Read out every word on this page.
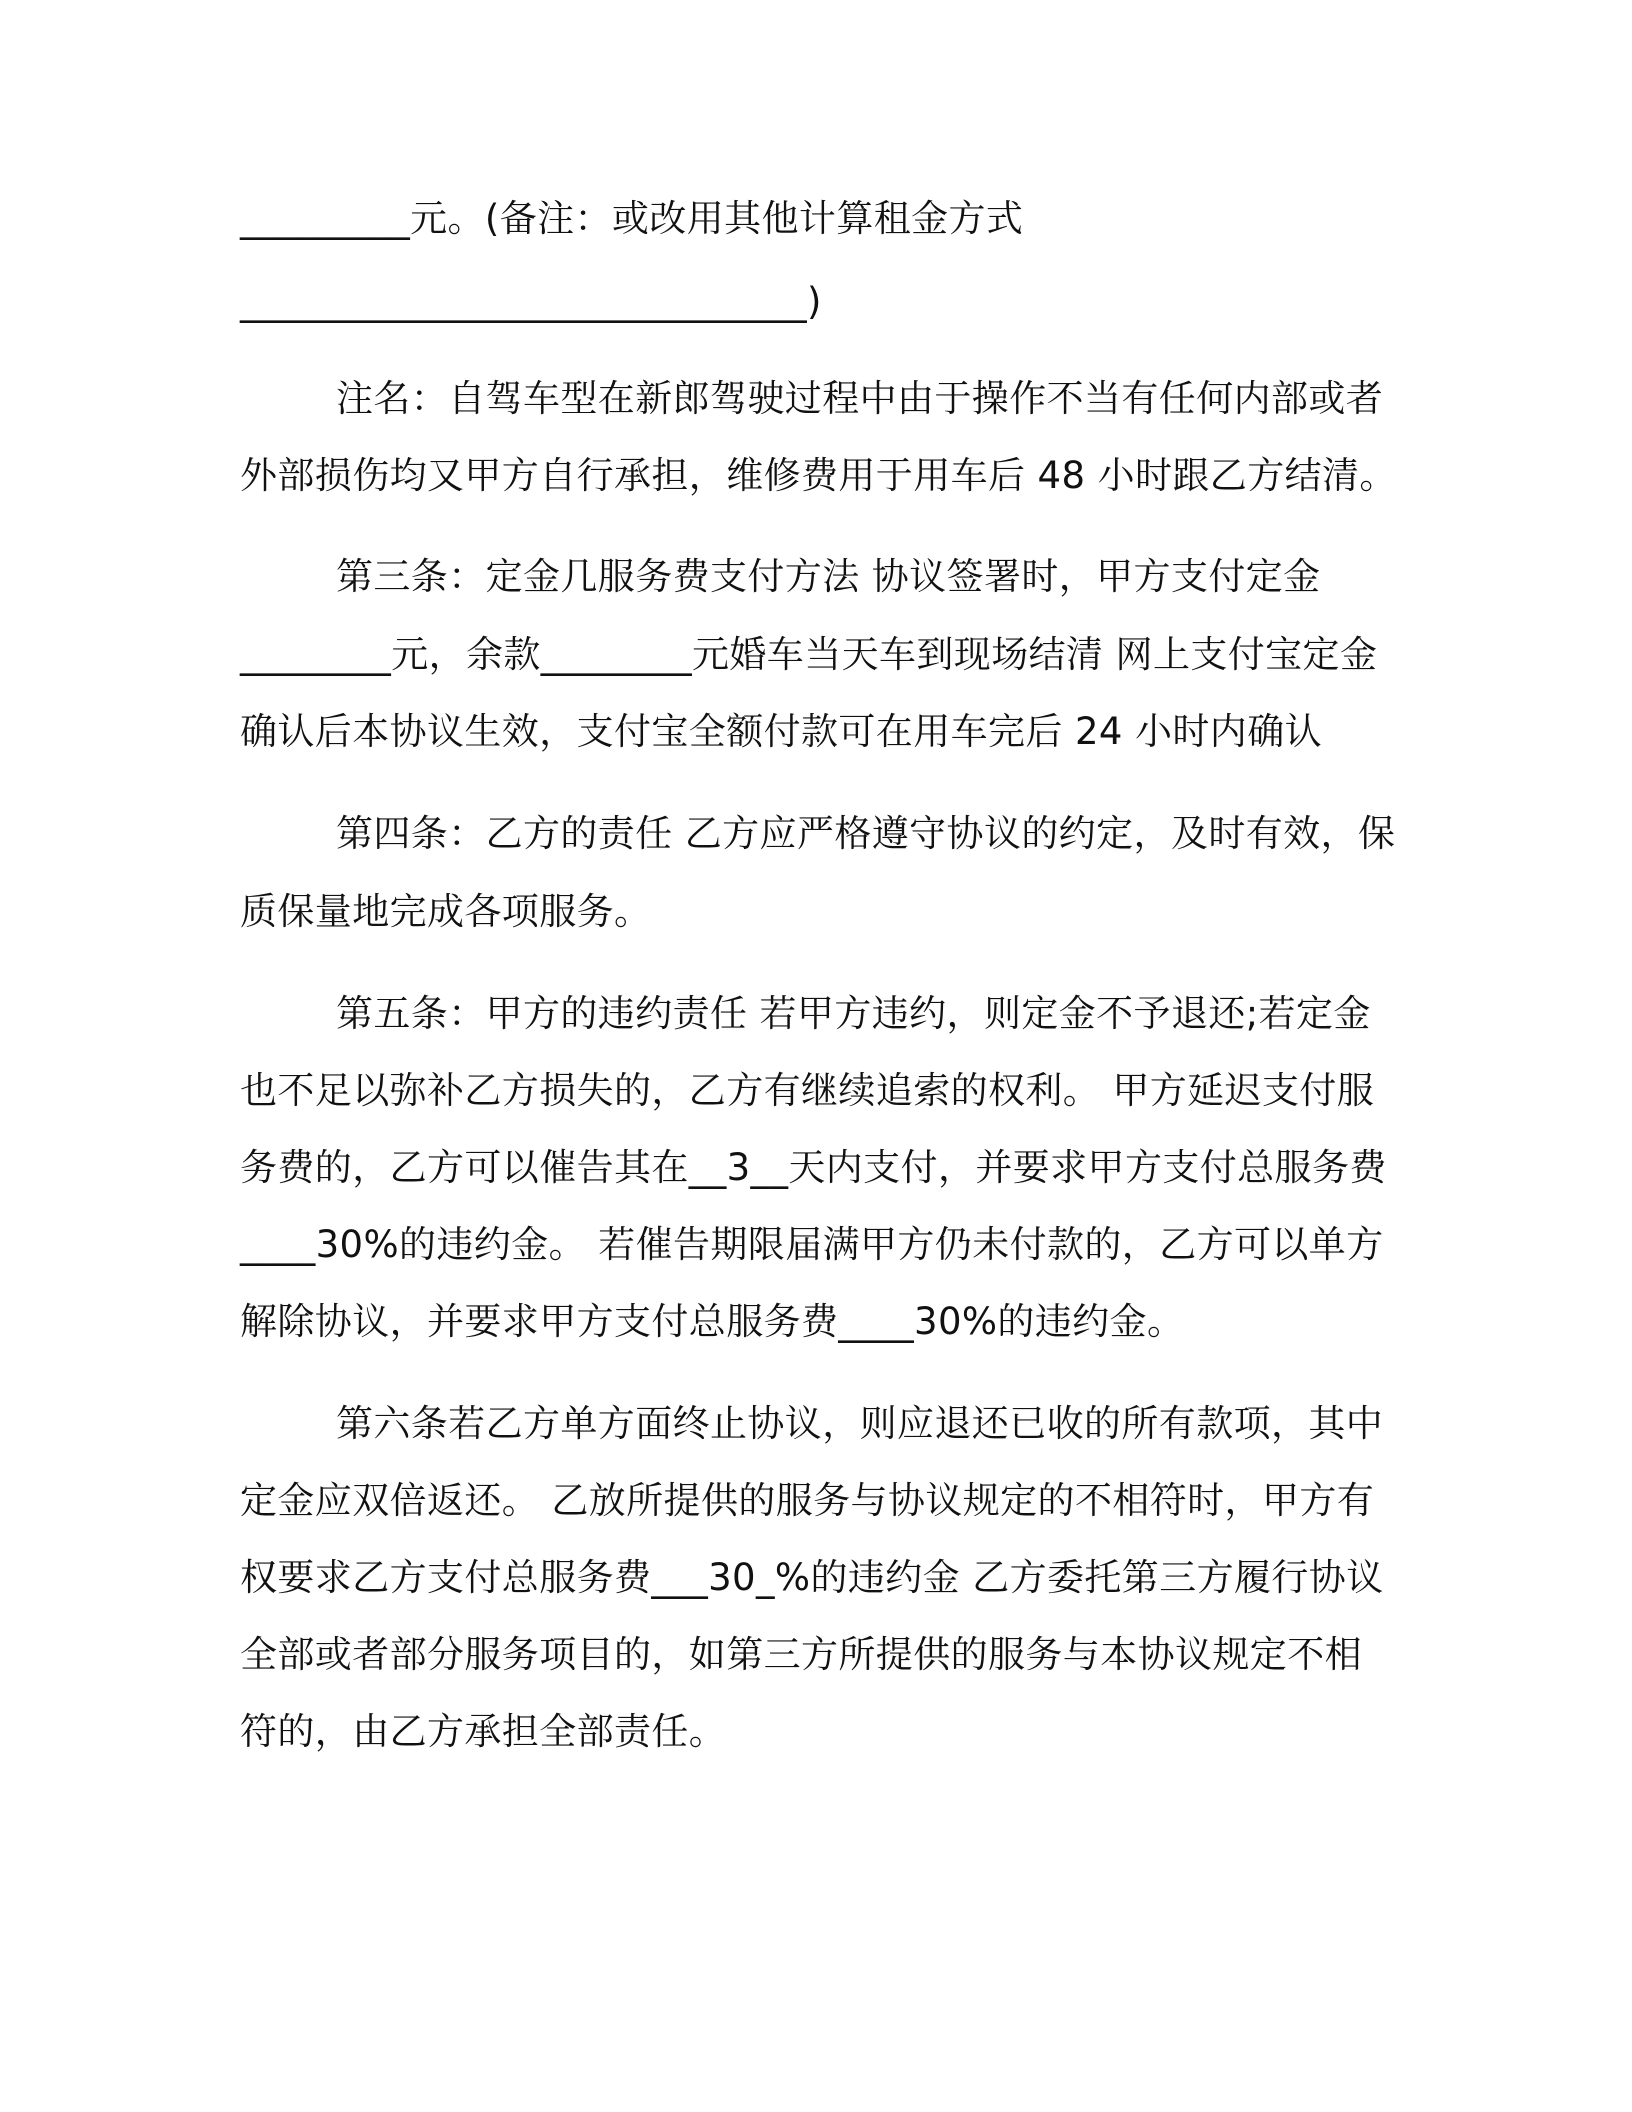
_________元。(备注：或改用其他计算租金方式
______________________________)
注名：自驾车型在新郎驾驶过程中由于操作不当有任何内部或者
外部损伤均又甲方自行承担，维修费用于用车后 48 小时跟乙方结清。
第三条：定金几服务费支付方法 协议签署时，甲方支付定金
________元，余款________元婚车当天车到现场结清 网上支付宝定金
确认后本协议生效，支付宝全额付款可在用车完后 24 小时内确认
第四条：乙方的责任 乙方应严格遵守协议的约定，及时有效，保
质保量地完成各项服务。
第五条：甲方的违约责任 若甲方违约，则定金不予退还;若定金
也不足以弥补乙方损失的，乙方有继续追索的权利。 甲方延迟支付服
务费的，乙方可以催告其在__3__天内支付，并要求甲方支付总服务费
____30%的违约金。 若催告期限届满甲方仍未付款的，乙方可以单方
解除协议，并要求甲方支付总服务费____30%的违约金。
第六条若乙方单方面终止协议，则应退还已收的所有款项，其中
定金应双倍返还。 乙放所提供的服务与协议规定的不相符时，甲方有
权要求乙方支付总服务费___30_%的违约金 乙方委托第三方履行协议
全部或者部分服务项目的，如第三方所提供的服务与本协议规定不相
符的，由乙方承担全部责任。
